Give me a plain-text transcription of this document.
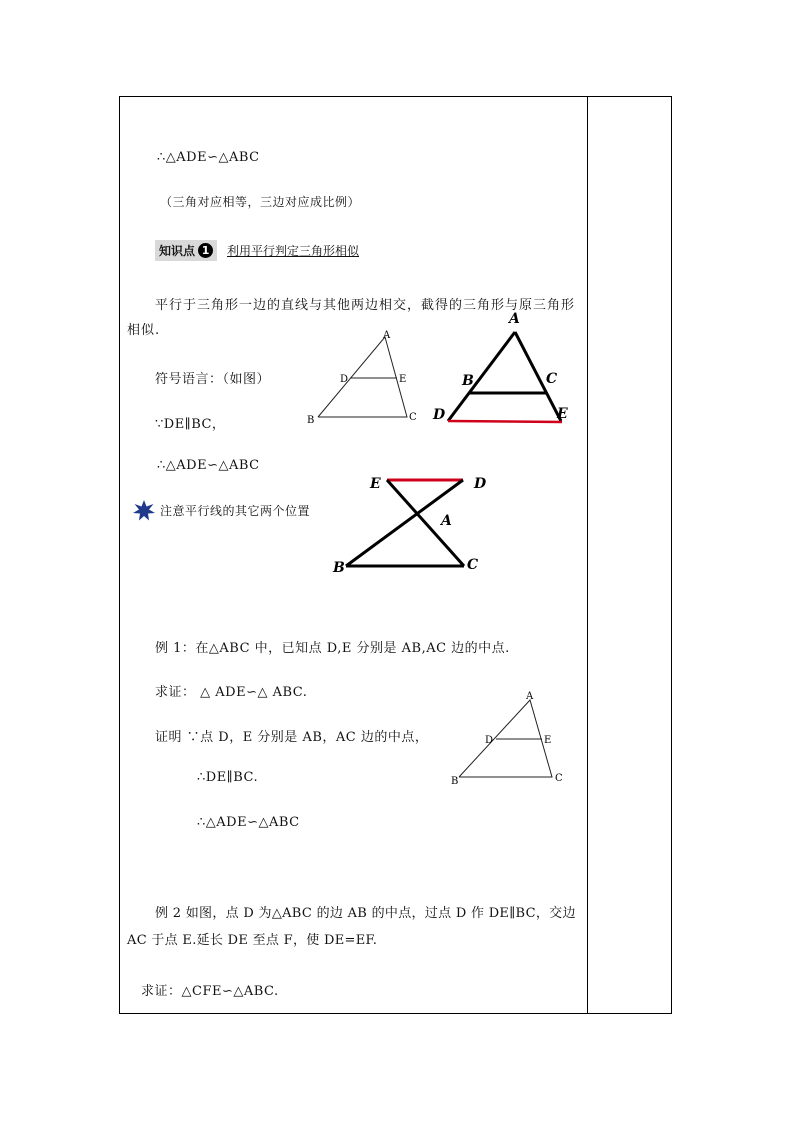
∴△ADE∽△ABC
（三角对应相等，三边对应成比例）
知识点 1	利用平行判定三角形相似
平行于三角形一边的直线与其他两边相交，截得的三角形与原三角形相似.
符号语言：（如图）
∵DE∥BC，
∴△ADE∽△ABC
注意平行线的其它两个位置
例 1：在△ABC 中，已知点 D,E 分别是 AB,AC 边的中点.
求证： △ ADE∽△ ABC.
证明 ∵点 D，E 分别是 AB，AC 边的中点，
∴DE∥BC.
∴△ADE∽△ABC
例 2 如图，点 D 为△ABC 的边 AB 的中点，过点 D 作 DE∥BC，交边 AC 于点 E.延长 DE 至点 F，使 DE=EF.
求证：△CFE∽△ABC.
A
D	E
B	C
A
B	C
D	E
E	D
A
B	C
A
D	E
B	C
